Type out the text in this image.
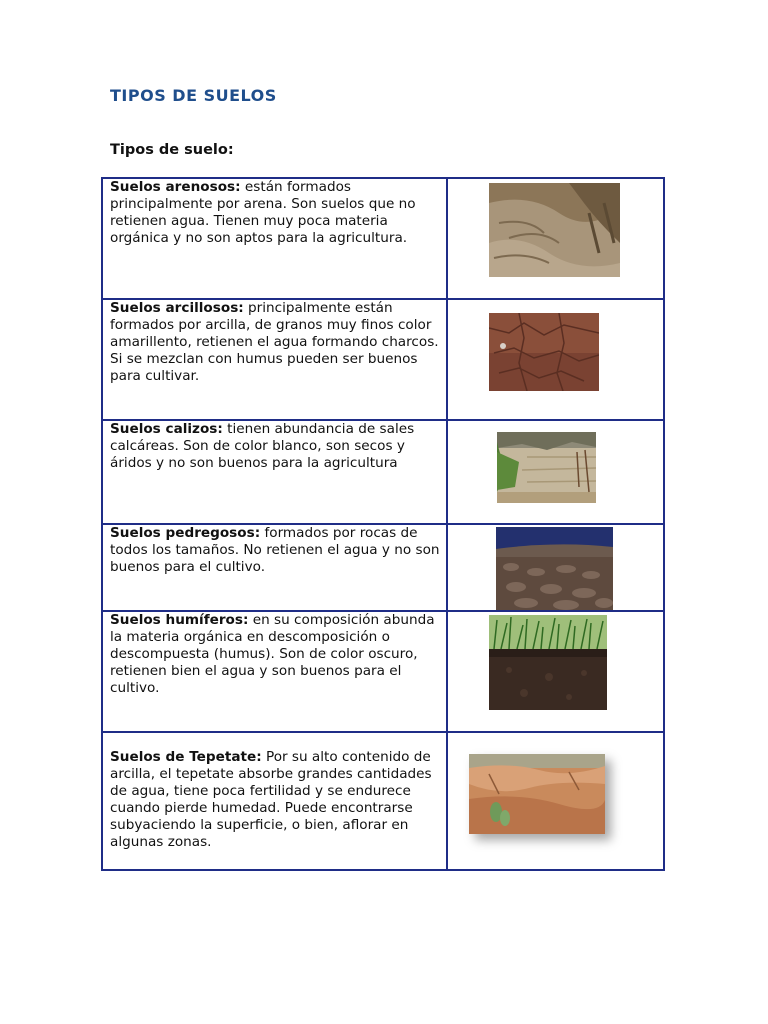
TIPOS DE SUELOS
Tipos de suelo:
Suelos arenosos: están formados principalmente por arena. Son suelos que no retienen agua. Tienen muy poca materia orgánica y no son aptos para la agricultura.

Suelos arcillosos: principalmente están formados por arcilla, de granos muy finos color amarillento, retienen el agua formando charcos. Si se mezclan con humus pueden ser buenos para cultivar.

Suelos calizos: tienen abundancia de sales calcáreas. Son de color blanco, son secos y áridos y no son buenos para la agricultura

Suelos pedregosos: formados por rocas de todos los tamaños. No retienen el agua y no son buenos para el cultivo.

Suelos humíferos: en su composición abunda la materia orgánica en descomposición o descompuesta (humus). Son de color oscuro, retienen bien el agua y son buenos para el cultivo.

Suelos de Tepetate: Por su alto contenido de arcilla, el tepetate absorbe grandes cantidades de agua, tiene poca fertilidad y se endurece cuando pierde humedad. Puede encontrarse subyaciendo la superficie, o bien, aflorar en algunas zonas.
